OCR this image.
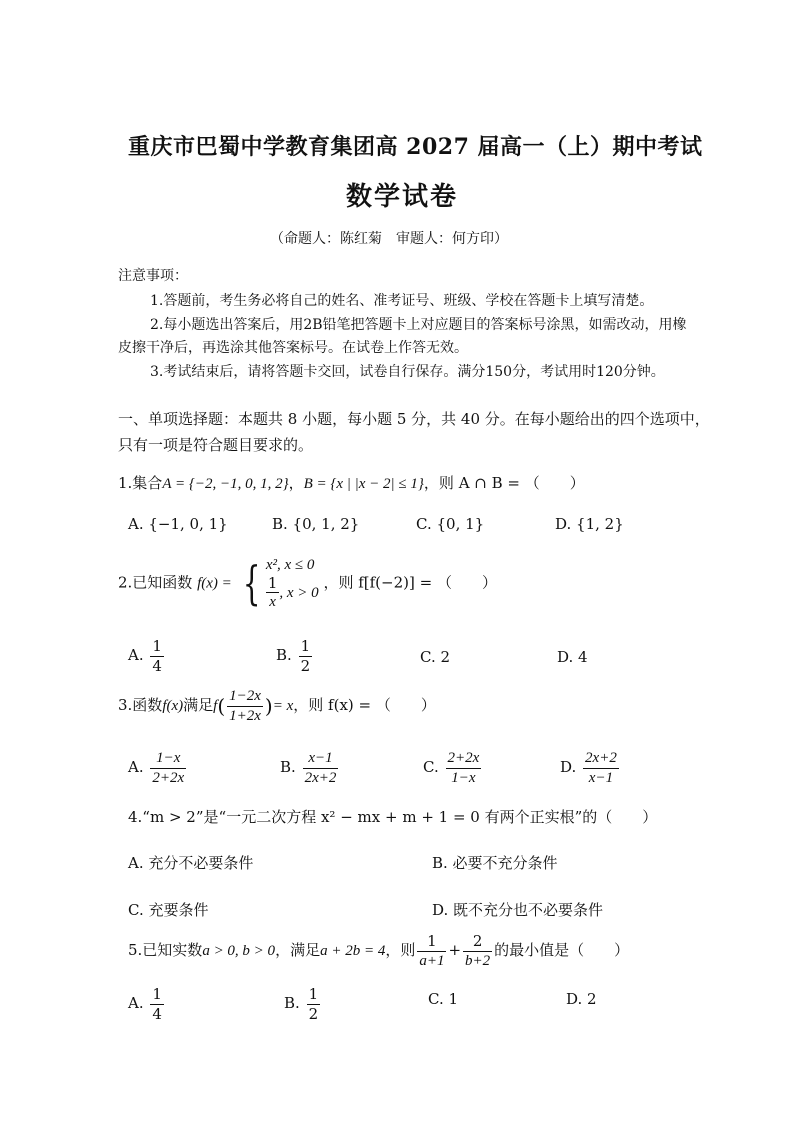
重庆市巴蜀中学教育集团高 2027 届高一（上）期中考试
数学试卷
（命题人：陈红菊　审题人：何方印）
注意事项：
1.答题前，考生务必将自己的姓名、准考证号、班级、学校在答题卡上填写清楚。
2.每小题选出答案后，用2B铅笔把答题卡上对应题目的答案标号涂黑，如需改动，用橡
皮擦干净后，再选涂其他答案标号。在试卷上作答无效。
3.考试结束后，请将答题卡交回，试卷自行保存。满分150分，考试用时120分钟。
一、单项选择题：本题共 8 小题，每小题 5 分，共 40 分。在每小题给出的四个选项中，
只有一项是符合题目要求的。
1.集合A = {−2, −1, 0, 1, 2}，B = {x | |x − 2| ≤ 1}，则 A ∩ B = （　　）
A. {−1, 0, 1}	B. {0, 1, 2}	C. {0, 1}	D. {1, 2}
2.已知函数 f(x) = { x², x ≤ 0
$\frac{1}{x}$ , x > 0
，则 f[f(−2)] = （　　）
A. $\frac{1}{4}$	B. $\frac{1}{2}$	C. 2	D. 4
3.函数f(x)满足$f( \frac{1-2x}{1+2x}$ )= x，则 f(x) = （　　）
A. $\frac{1-x}{2+2x}$	B. $\frac{x-1}{2x+2}$	C. $\frac{2+2x}{1-x}$	D. $\frac{2x+2}{x-1}$
4.“m > 2”是“一元二次方程 x² − mx + m + 1 = 0 有两个正实根”的（　　）
A. 充分不必要条件	B. 必要不充分条件
C. 充要条件	D. 既不充分也不必要条件
5.已知实数a > 0, b > 0，满足a + 2b = 4，则 $\frac{1}{a+1} + \frac{2}{b+2}$ 的最小值是（　　）
A. $\frac{1}{4}$	B. $\frac{1}{2}$	C. 1	D. 2
